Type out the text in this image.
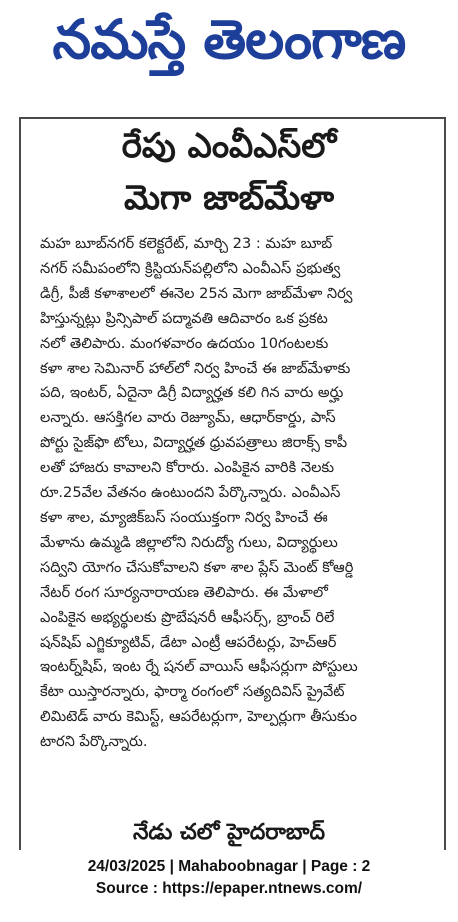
నమస్తే తెలంగాణ
రేపు ఎంవీఎస్‌లో
మెగా జాబ్‌మేళా
మహ బూబ్‌నగర్ కలెక్టరేట్, మార్చి 23 : మహ బూబ్‌
నగర్ సమీపంలోని క్రిస్టియన్‌పల్లిలోని ఎంవీఎస్ ప్రభుత్వ
డిగ్రీ, పీజీ కళాశాలలో ఈనెల 25న మెగా జాబ్‌మేళా నిర్వ
హిస్తున్నట్లు ప్రిన్సిపాల్ పద్మావతి ఆదివారం ఒక ప్రకట
నలో తెలిపారు. మంగళవారం ఉదయం 10గంటలకు
కళా శాల సెమినార్ హాల్‌లో నిర్వ హించే ఈ జాబ్‌మేళాకు
పది, ఇంటర్, ఏదైనా డిగ్రీ విద్యార్హత కలి గిన వారు అర్హు
లన్నారు. ఆసక్తిగల వారు రెజ్యూమ్, ఆధార్‌కార్డు, పాస్‌
పోర్టు సైజ్‌ఫొ టోలు, విద్యార్హత ధ్రువపత్రాలు జిరాక్స్ కాపీ
లతో హాజరు కావాలని కోరారు. ఎంపికైన వారికి నెలకు
రూ.25వేల వేతనం ఉంటుందని పేర్కొన్నారు. ఎంవీఎస్
కళా శాల, మ్యాజిక్‌బస్ సంయుక్తంగా నిర్వ హించే ఈ
మేళాను ఉమ్మడి జిల్లాలోని నిరుద్యో గులు, విద్యార్థులు
సద్విని యోగం చేసుకోవాలని కళా శాల ప్లేస్ మెంట్ కోఆర్డి
నేటర్ రంగ సూర్యనారాయణ తెలిపారు. ఈ మేళాలో
ఎంపికైన అభ్యర్థులకు ప్రొబేషనరీ ఆఫీసర్స్, బ్రాంచ్ రిలే
షన్‌షిప్ ఎగ్జిక్యూటివ్, డేటా ఎంట్రీ ఆపరేటర్లు, హెచ్‌ఆర్
ఇంటర్న్‌షిప్, ఇంట ర్నే షనల్ వాయిస్ ఆఫీసర్లుగా పోస్టులు
కేటా యిస్తారన్నారు, ఫార్మా రంగంలో సత్యదివిస్ ప్రైవేట్
లిమిటెడ్ వారు కెమిస్ట్, ఆపరేటర్లుగా, హెల్పర్లుగా తీసుకుం
టారని పేర్కొన్నారు.
నేడు చలో హైదరాబాద్
24/03/2025 | Mahaboobnagar | Page : 2
Source : https://epaper.ntnews.com/
